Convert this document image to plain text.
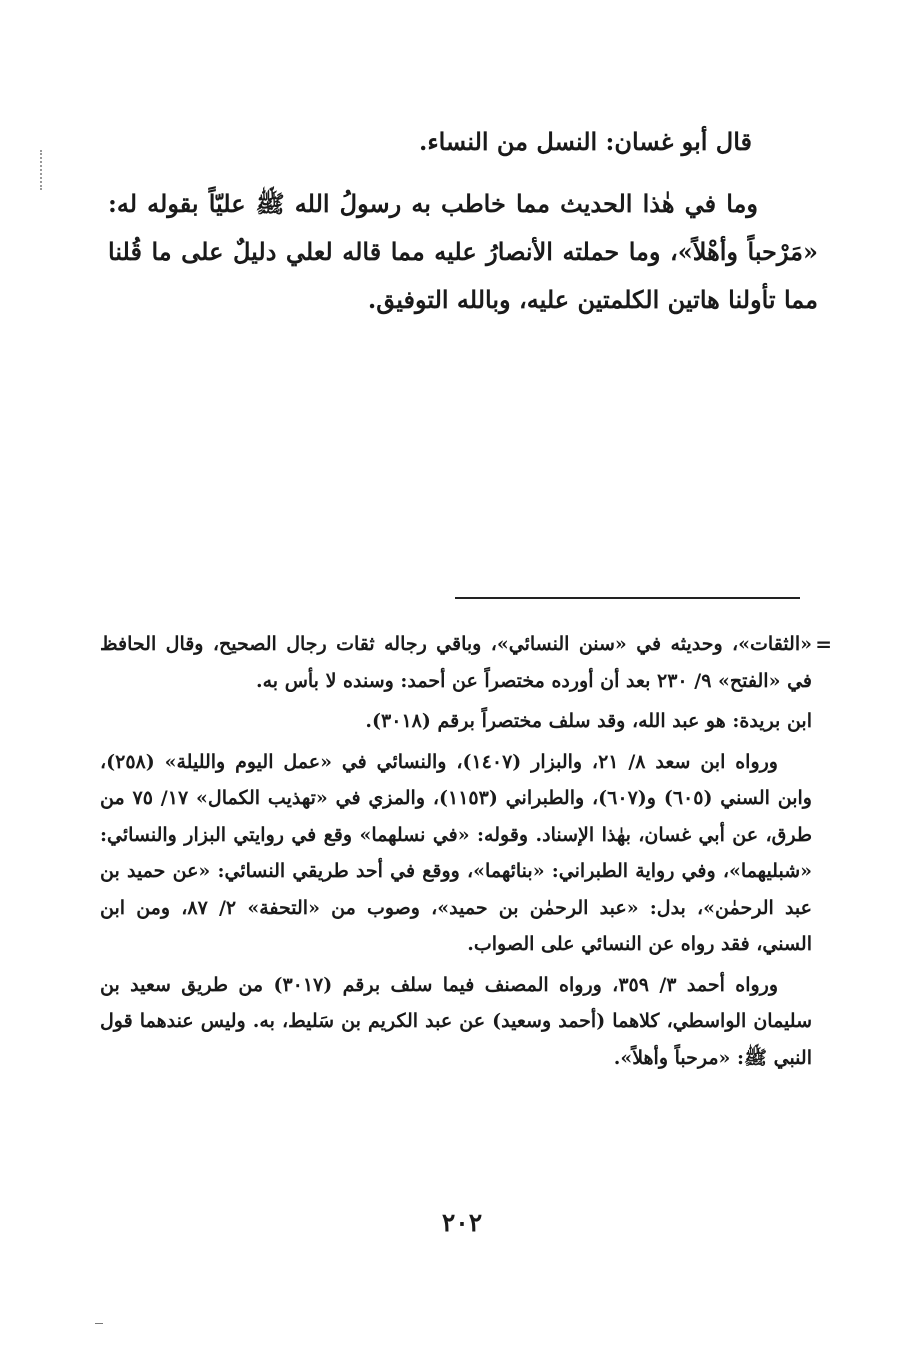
قال أبو غسان: النسل من النساء.

وما في هٰذا الحديث مما خاطب به رسولُ الله ﷺ عليّاً بقوله له: «مَرْحباً وأهْلاً»، وما حملته الأنصارُ عليه مما قاله لعلي دليلٌ على ما قُلنا مما تأولنا هاتين الكلمتين عليه، وبالله التوفيق.

=

«الثقات»، وحديثه في «سنن النسائي»، وباقي رجاله ثقات رجال الصحيح، وقال الحافظ في «الفتح» ٩/ ٢٣٠ بعد أن أورده مختصراً عن أحمد: وسنده لا بأس به.

ابن بريدة: هو عبد الله، وقد سلف مختصراً برقم (٣٠١٨).

ورواه ابن سعد ٨/ ٢١، والبزار (١٤٠٧)، والنسائي في «عمل اليوم والليلة» (٢٥٨)، وابن السني (٦٠٥) و(٦٠٧)، والطبراني (١١٥٣)، والمزي في «تهذيب الكمال» ١٧/ ٧٥ من طرق، عن أبي غسان، بهٰذا الإسناد. وقوله: «في نسلهما» وقع في روايتي البزار والنسائي: «شبليهما»، وفي رواية الطبراني: «بنائهما»، ووقع في أحد طريقي النسائي: «عن حميد بن عبد الرحمٰن»، بدل: «عبد الرحمٰن بن حميد»، وصوب من «التحفة» ٢/ ٨٧، ومن ابن السني، فقد رواه عن النسائي على الصواب.

ورواه أحمد ٣/ ٣٥٩، ورواه المصنف فيما سلف برقم (٣٠١٧) من طريق سعيد بن سليمان الواسطي، كلاهما (أحمد وسعيد) عن عبد الكريم بن سَليط، به. وليس عندهما قول النبي ﷺ: «مرحباً وأهلاً».

٢٠٢
